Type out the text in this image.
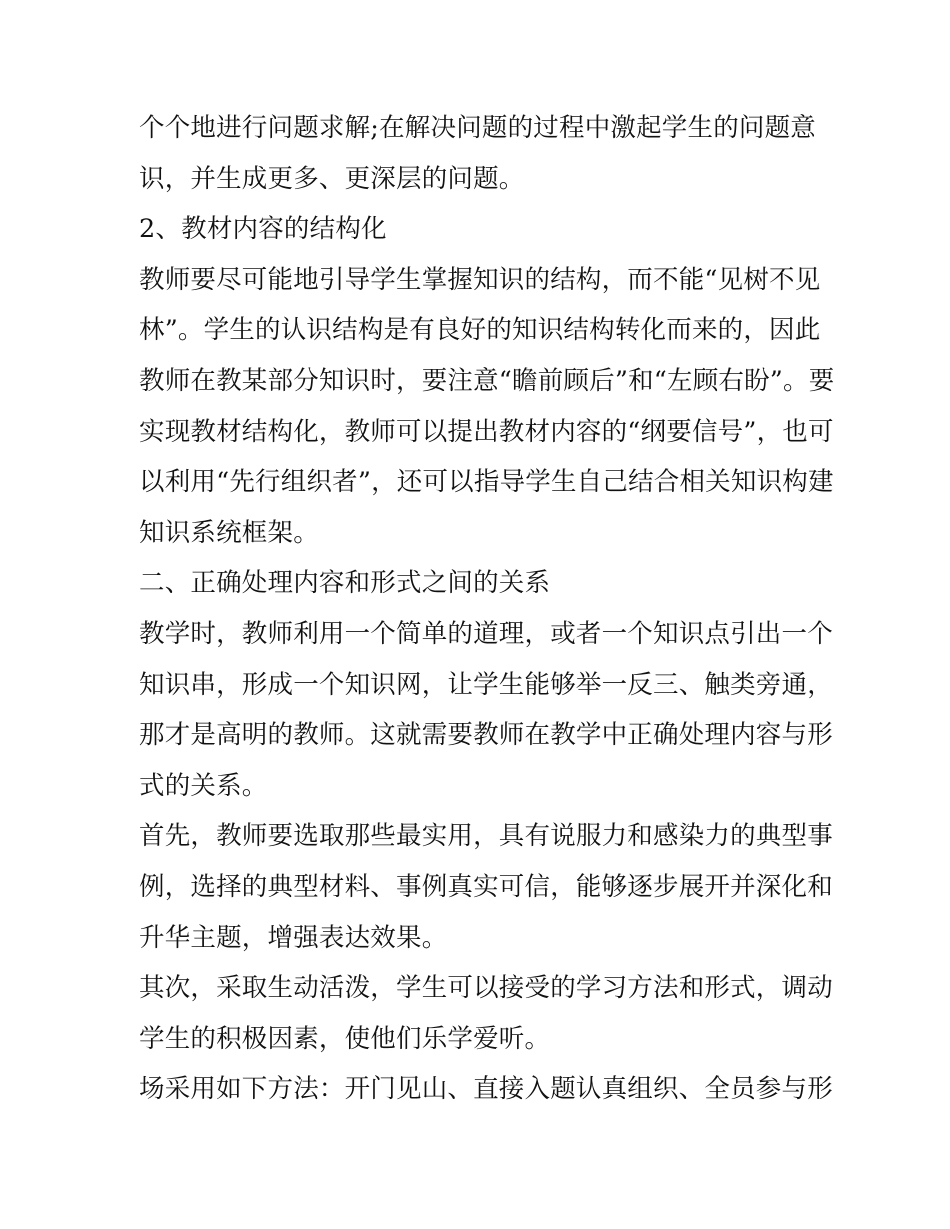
个个地进行问题求解;在解决问题的过程中激起学生的问题意
识，并生成更多、更深层的问题。
2、教材内容的结构化
教师要尽可能地引导学生掌握知识的结构，而不能“见树不见
林”。学生的认识结构是有良好的知识结构转化而来的，因此
教师在教某部分知识时，要注意“瞻前顾后”和“左顾右盼”。要
实现教材结构化，教师可以提出教材内容的“纲要信号”，也可
以利用“先行组织者”，还可以指导学生自己结合相关知识构建
知识系统框架。
二、正确处理内容和形式之间的关系
教学时，教师利用一个简单的道理，或者一个知识点引出一个
知识串，形成一个知识网，让学生能够举一反三、触类旁通，
那才是高明的教师。这就需要教师在教学中正确处理内容与形
式的关系。
首先，教师要选取那些最实用，具有说服力和感染力的典型事
例，选择的典型材料、事例真实可信，能够逐步展开并深化和
升华主题，增强表达效果。
其次，采取生动活泼，学生可以接受的学习方法和形式，调动
学生的积极因素，使他们乐学爱听。
场采用如下方法：开门见山、直接入题认真组织、全员参与形
